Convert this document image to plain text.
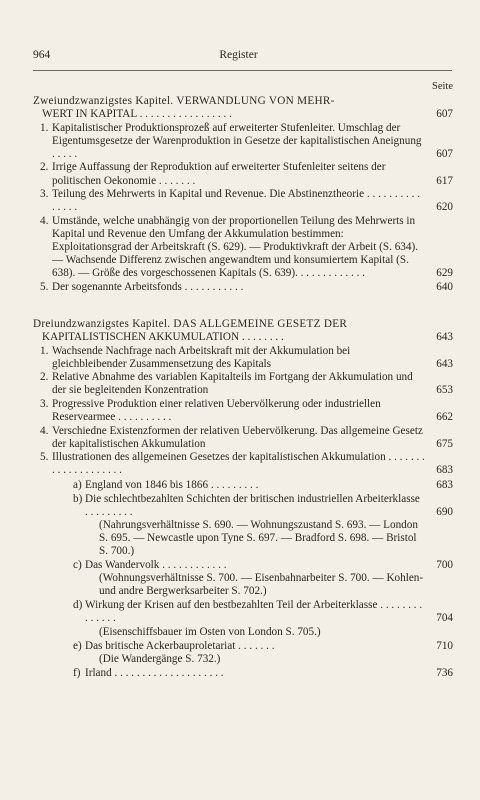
964	Register
Seite
Zweiundzwanzigstes Kapitel. VERWANDLUNG VON MEHR-
WERT IN KAPITAL . . . . . . . . . . . . . . . . .	607
1. Kapitalistischer Produktionsprozeß auf erweiterter Stufenleiter. Umschlag der Eigentumsgesetze der Warenproduktion in Gesetze der kapitalistischen Aneignung . . . . .	607
2. Irrige Auffassung der Reproduktion auf erweiterter Stufenleiter seitens der politischen Oekonomie . . . . . . .	617
3. Teilung des Mehrwerts in Kapital und Revenue. Die Abstinenztheorie . . . . . . . . . . . . . . .	620
4. Umstände, welche unabhängig von der proportionellen Teilung des Mehrwerts in Kapital und Revenue den Umfang der Akkumulation bestimmen: Exploitationsgrad der Arbeitskraft (S. 629). — Produktivkraft der Arbeit (S. 634). — Wachsende Differenz zwischen angewandtem und konsumiertem Kapital (S. 638). — Größe des vorgeschossenen Kapitals (S. 639). . . . . . . . . . . . .	629
5. Der sogenannte Arbeitsfonds . . . . . . . . . . .	640
Dreiundzwanzigstes Kapitel. DAS ALLGEMEINE GESETZ DER
KAPITALISTISCHEN AKKUMULATION . . . . . . . .	643
1. Wachsende Nachfrage nach Arbeitskraft mit der Akkumulation bei gleichbleibender Zusammensetzung des Kapitals	643
2. Relative Abnahme des variablen Kapitalteils im Fortgang der Akkumulation und der sie begleitenden Konzentration	653
3. Progressive Produktion einer relativen Uebervölkerung oder industriellen Reservearmee . . . . . . . . . .	662
4. Verschiedne Existenzformen der relativen Uebervölkerung. Das allgemeine Gesetz der kapitalistischen Akkumulation	675
5. Illustrationen des allgemeinen Gesetzes der kapitalistischen Akkumulation . . . . . . . . . . . . . . . . . . . .	683
a) England von 1846 bis 1866 . . . . . . . . .	683
b) Die schlechtbezahlten Schichten der britischen industriellen Arbeiterklasse . . . . . . . . .	690
(Nahrungsverhältnisse S. 690. — Wohnungszustand S. 693. — London S. 695. — Newcastle upon Tyne S. 697. — Bradford S. 698. — Bristol S. 700.)
c) Das Wandervolk . . . . . . . . . . . .	700
(Wohnungsverhältnisse S. 700. — Eisenbahnarbeiter S. 700. — Kohlen- und andre Bergwerksarbeiter S. 702.)
d) Wirkung der Krisen auf den bestbezahlten Teil der Arbeiterklasse . . . . . . . . . . . . . .	704
(Eisenschiffsbauer im Osten von London S. 705.)
e) Das britische Ackerbauproletariat . . . . . . .	710
(Die Wandergänge S. 732.)
f) Irland . . . . . . . . . . . . . . . . . . . .	736
